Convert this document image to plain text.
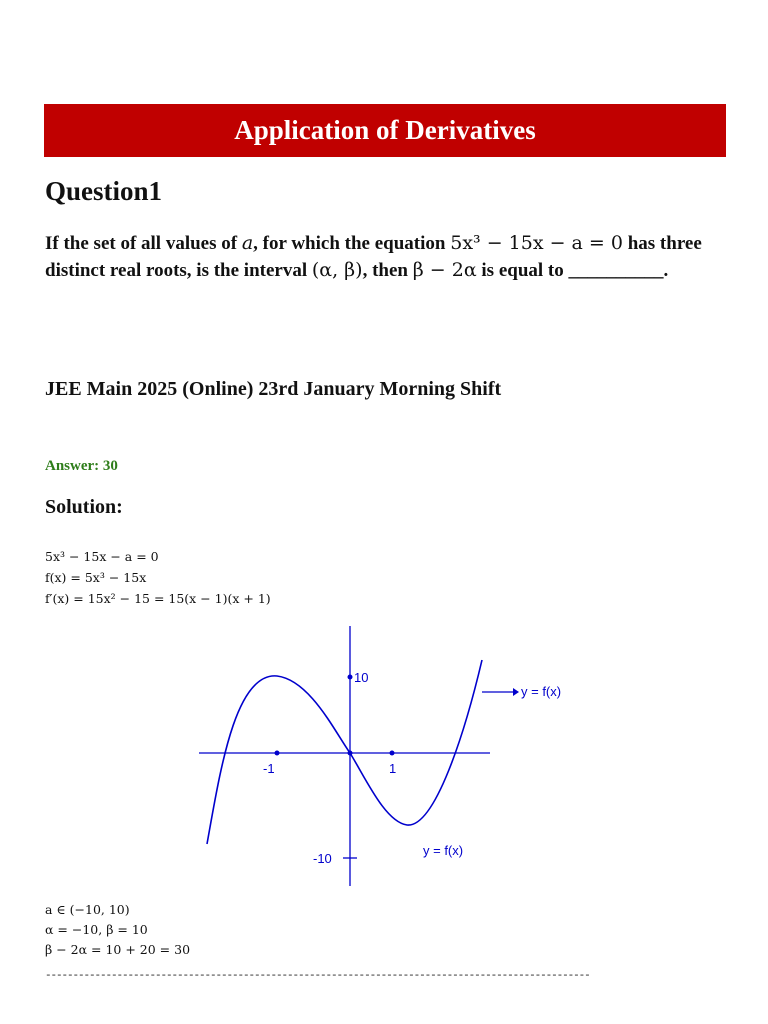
Application of Derivatives
Question1
If the set of all values of a, for which the equation 5x³ − 15x − a = 0 has three distinct real roots, is the interval (α, β), then β − 2α is equal to __________.
JEE Main 2025 (Online) 23rd January Morning Shift
Answer: 30
Solution:
5x³ − 15x − a = 0
f(x) = 5x³ − 15x
f′(x) = 15x² − 15 = 15(x − 1)(x + 1)
10
-1	1
-10
y = f(x)
y = f(x)
a ∈ (−10, 10)
α = −10, β = 10
β − 2α = 10 + 20 = 30
---------------------------------------------------------------------------------------------------
